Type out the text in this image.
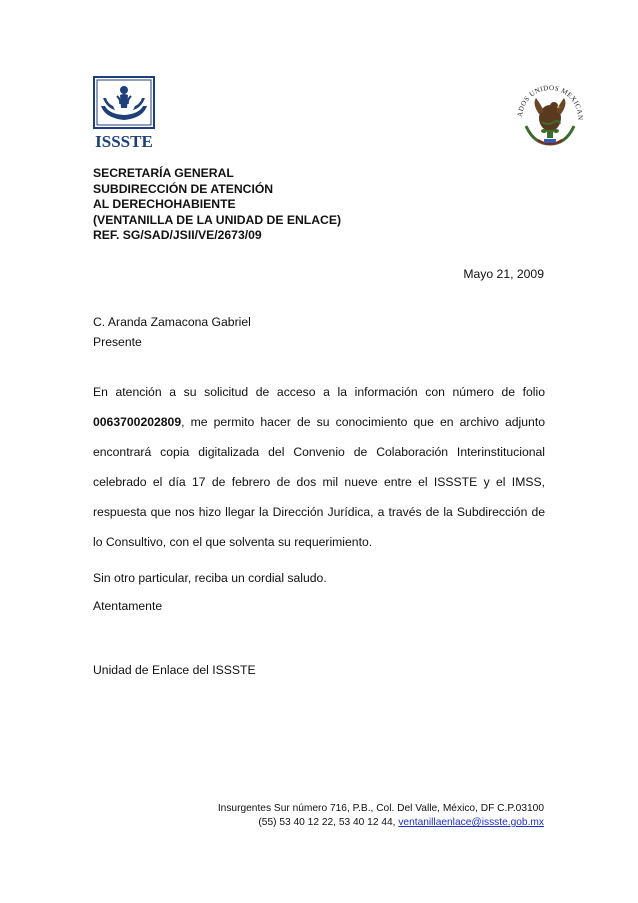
ISSSTE
ADOS UNIDOS MEXICAN
SECRETARÍA GENERAL
SUBDIRECCIÓN DE ATENCIÓN
AL DERECHOHABIENTE
(VENTANILLA DE LA UNIDAD DE ENLACE)
REF. SG/SAD/JSII/VE/2673/09
Mayo 21, 2009
C. Aranda Zamacona Gabriel
Presente
En atención a su solicitud de acceso a la información con número de folio 0063700202809, me permito hacer de su conocimiento que en archivo adjunto encontrará copia digitalizada del Convenio de Colaboración Interinstitucional celebrado el día 17 de febrero de dos mil nueve entre el ISSSTE y el IMSS, respuesta que nos hizo llegar la Dirección Jurídica, a través de la Subdirección de lo Consultivo, con el que solventa su requerimiento.
Sin otro particular, reciba un cordial saludo.
Atentamente
Unidad de Enlace del ISSSTE
Insurgentes Sur número 716, P.B., Col. Del Valle, México, DF C.P.03100
(55) 53 40 12 22, 53 40 12 44, ventanillaenlace@issste.gob.mx
